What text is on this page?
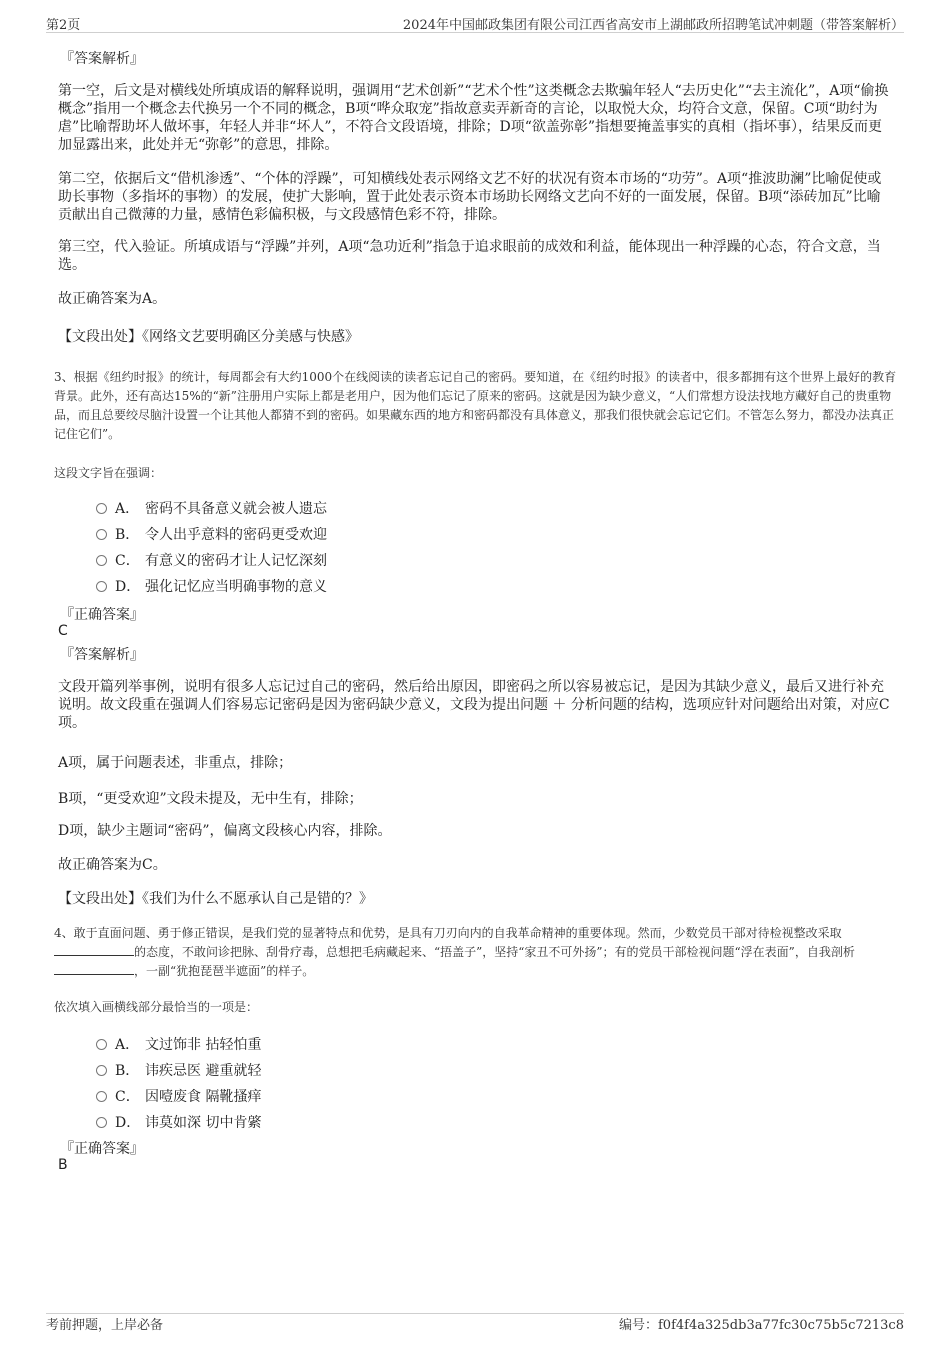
第2页	2024年中国邮政集团有限公司江西省高安市上湖邮政所招聘笔试冲刺题（带答案解析）
『答案解析』
第一空，后文是对横线处所填成语的解释说明，强调用“艺术创新”“艺术个性”这类概念去欺骗年轻人“去历史化”“去主流化”，A项“偷换概念”指用一个概念去代换另一个不同的概念，B项“哗众取宠”指故意卖弄新奇的言论，以取悦大众，均符合文意，保留。C项“助纣为虐”比喻帮助坏人做坏事，年轻人并非“坏人”，不符合文段语境，排除；D项“欲盖弥彰”指想要掩盖事实的真相（指坏事），结果反而更加显露出来，此处并无“弥彰”的意思，排除。
第二空，依据后文“借机渗透”、“个体的浮躁”，可知横线处表示网络文艺不好的状况有资本市场的“功劳”。A项“推波助澜”比喻促使或助长事物（多指坏的事物）的发展，使扩大影响，置于此处表示资本市场助长网络文艺向不好的一面发展，保留。B项“添砖加瓦”比喻贡献出自己微薄的力量，感情色彩偏积极，与文段感情色彩不符，排除。
第三空，代入验证。所填成语与“浮躁”并列，A项“急功近利”指急于追求眼前的成效和利益，能体现出一种浮躁的心态，符合文意，当选。
故正确答案为A。
【文段出处】《网络文艺要明确区分美感与快感》
3、根据《纽约时报》的统计，每周都会有大约1000个在线阅读的读者忘记自己的密码。要知道，在《纽约时报》的读者中，很多都拥有这个世界上最好的教育背景。此外，还有高达15%的“新”注册用户实际上都是老用户，因为他们忘记了原来的密码。这就是因为缺少意义，“人们常想方设法找地方藏好自己的贵重物品，而且总要绞尽脑汁设置一个让其他人都猜不到的密码。如果藏东西的地方和密码都没有具体意义，那我们很快就会忘记它们。不管怎么努力，都没办法真正记住它们”。
这段文字旨在强调：
A． 密码不具备意义就会被人遗忘
B． 令人出乎意料的密码更受欢迎
C． 有意义的密码才让人记忆深刻
D． 强化记忆应当明确事物的意义
『正确答案』
C
『答案解析』
文段开篇列举事例，说明有很多人忘记过自己的密码，然后给出原因，即密码之所以容易被忘记，是因为其缺少意义，最后又进行补充说明。故文段重在强调人们容易忘记密码是因为密码缺少意义，文段为提出问题 ＋ 分析问题的结构，选项应针对问题给出对策，对应C项。
A项，属于问题表述，非重点，排除；
B项，“更受欢迎”文段未提及，无中生有，排除；
D项，缺少主题词“密码”，偏离文段核心内容，排除。
故正确答案为C。
【文段出处】《我们为什么不愿承认自己是错的？》
4、敢于直面问题、勇于修正错误，是我们党的显著特点和优势，是具有刀刃向内的自我革命精神的重要体现。然而，少数党员干部对待检视整改采取的态度，不敢问诊把脉、刮骨疗毒，总想把毛病藏起来、“捂盖子”，坚持“家丑不可外扬”；有的党员干部检视问题“浮在表面”，自我剖析，一副“犹抱琵琶半遮面”的样子。
依次填入画横线部分最恰当的一项是：
A． 文过饰非 拈轻怕重
B． 讳疾忌医 避重就轻
C． 因噎废食 隔靴搔痒
D． 讳莫如深 切中肯綮
『正确答案』
B
考前押题，上岸必备	编号：f0f4f4a325db3a77fc30c75b5c7213c8
